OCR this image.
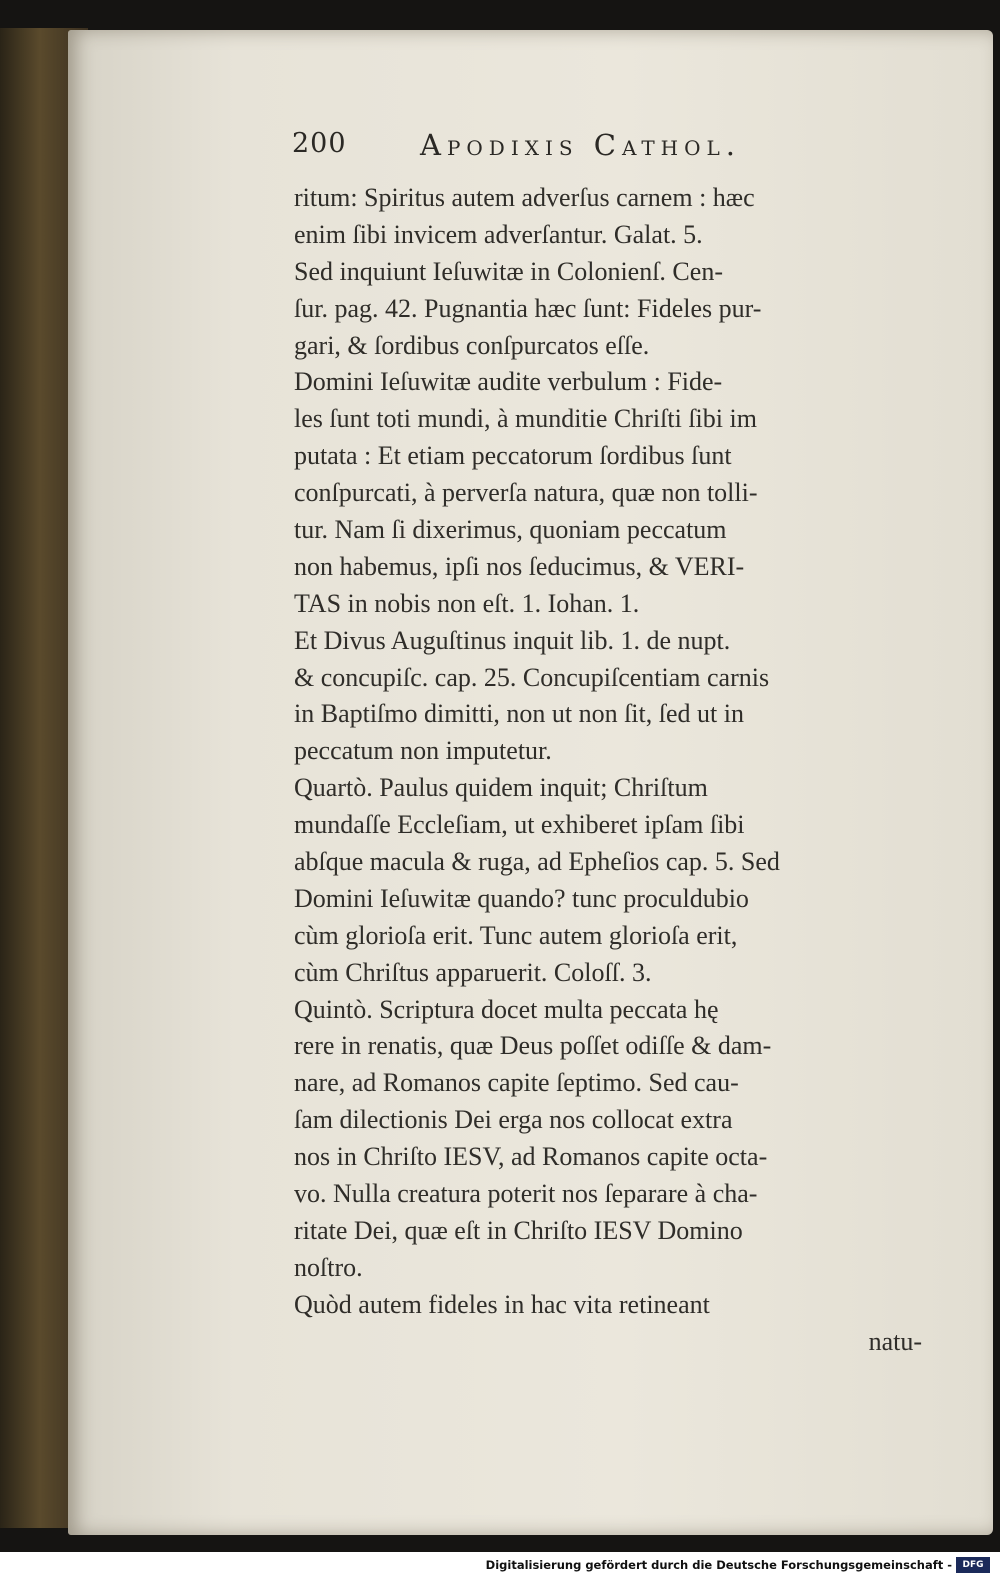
200	Apodixis Cathol.
ritum: Spiritus autem adverſus carnem : hæc
enim ſibi invicem adverſantur. Galat. 5.
Sed inquiunt Ieſuwitæ in Colonienſ. Cen-
ſur. pag. 42. Pugnantia hæc ſunt: Fideles pur-
gari, & ſordibus conſpurcatos eſſe.
Domini Ieſuwitæ audite verbulum : Fide-
les ſunt toti mundi, à munditie Chriſti ſibi im
putata : Et etiam peccatorum ſordibus ſunt
conſpurcati, à perverſa natura, quæ non tolli-
tur. Nam ſi dixerimus, quoniam peccatum
non habemus, ipſi nos ſeducimus, & VERI-
TAS in nobis non eſt. 1. Iohan. 1.
Et Divus Auguſtinus inquit lib. 1. de nupt.
& concupiſc. cap. 25. Concupiſcentiam carnis
in Baptiſmo dimitti, non ut non ſit, ſed ut in
peccatum non imputetur.
Quartò. Paulus quidem inquit; Chriſtum
mundaſſe Eccleſiam, ut exhiberet ipſam ſibi
abſque macula & ruga, ad Epheſios cap. 5. Sed
Domini Ieſuwitæ quando? tunc proculdubio
cùm glorioſa erit. Tunc autem glorioſa erit,
cùm Chriſtus apparuerit. Coloſſ. 3.
Quintò. Scriptura docet multa peccata hę
rere in renatis, quæ Deus poſſet odiſſe & dam-
nare, ad Romanos capite ſeptimo. Sed cau-
ſam dilectionis Dei erga nos collocat extra
nos in Chriſto IESV, ad Romanos capite octa-
vo. Nulla creatura poterit nos ſeparare à cha-
ritate Dei, quæ eſt in Chriſto IESV Domino
noſtro.
Quòd autem fideles in hac vita retineant
natu-
Digitalisierung gefördert durch die Deutsche Forschungsgemeinschaft -	DFG
